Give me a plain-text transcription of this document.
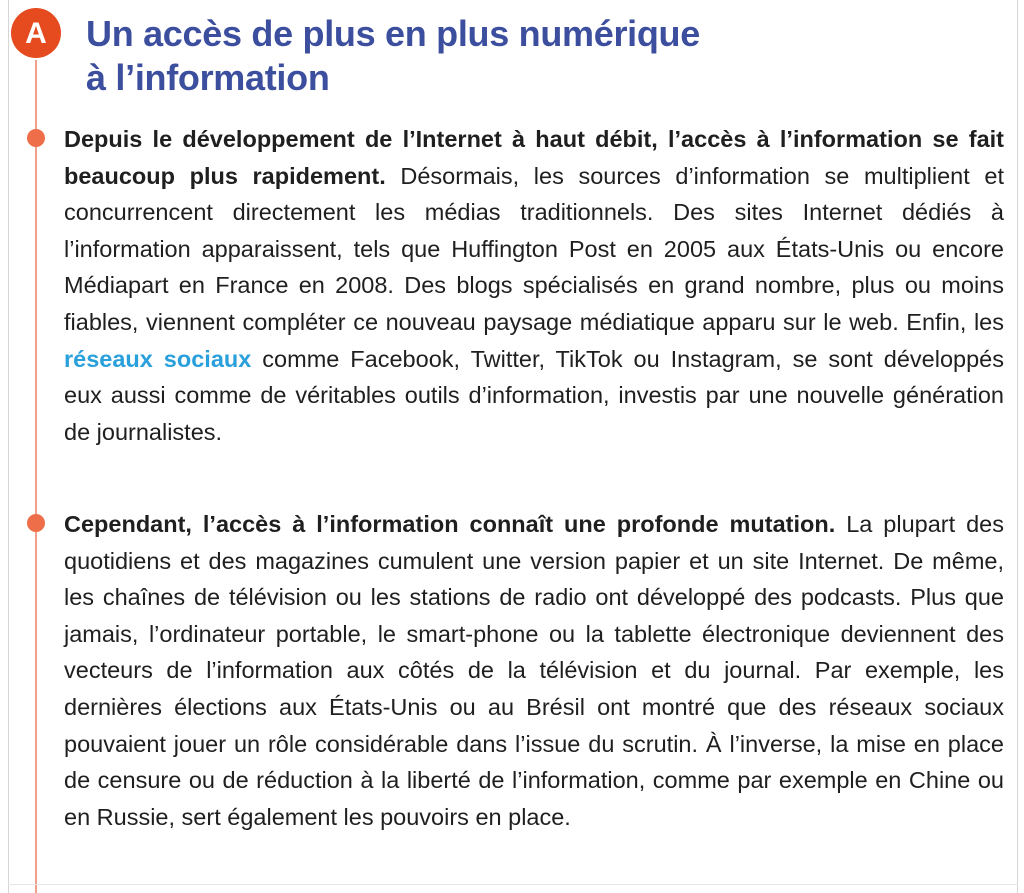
A Un accès de plus en plus numérique
à l’information

Depuis le développement de l’Internet à haut débit, l’accès à l’information se fait beaucoup plus rapidement. Désormais, les sources d’information se multiplient et concurrencent directement les médias traditionnels. Des sites Internet dédiés à l’information apparaissent, tels que Huffington Post en 2005 aux États-Unis ou encore Médiapart en France en 2008. Des blogs spécialisés en grand nombre, plus ou moins fiables, viennent compléter ce nouveau paysage médiatique apparu sur le web. Enfin, les réseaux sociaux comme Facebook, Twitter, TikTok ou Instagram, se sont développés eux aussi comme de véritables outils d’information, investis par une nouvelle génération de journalistes.

Cependant, l’accès à l’information connaît une profonde mutation. La plupart des quotidiens et des magazines cumulent une version papier et un site Internet. De même, les chaînes de télévision ou les stations de radio ont développé des podcasts. Plus que jamais, l’ordinateur portable, le smart-phone ou la tablette électronique deviennent des vecteurs de l’information aux côtés de la télévision et du journal. Par exemple, les dernières élections aux États-Unis ou au Brésil ont montré que des réseaux sociaux pouvaient jouer un rôle considérable dans l’issue du scrutin. À l’inverse, la mise en place de censure ou de réduction à la liberté de l’information, comme par exemple en Chine ou en Russie, sert également les pouvoirs en place.
